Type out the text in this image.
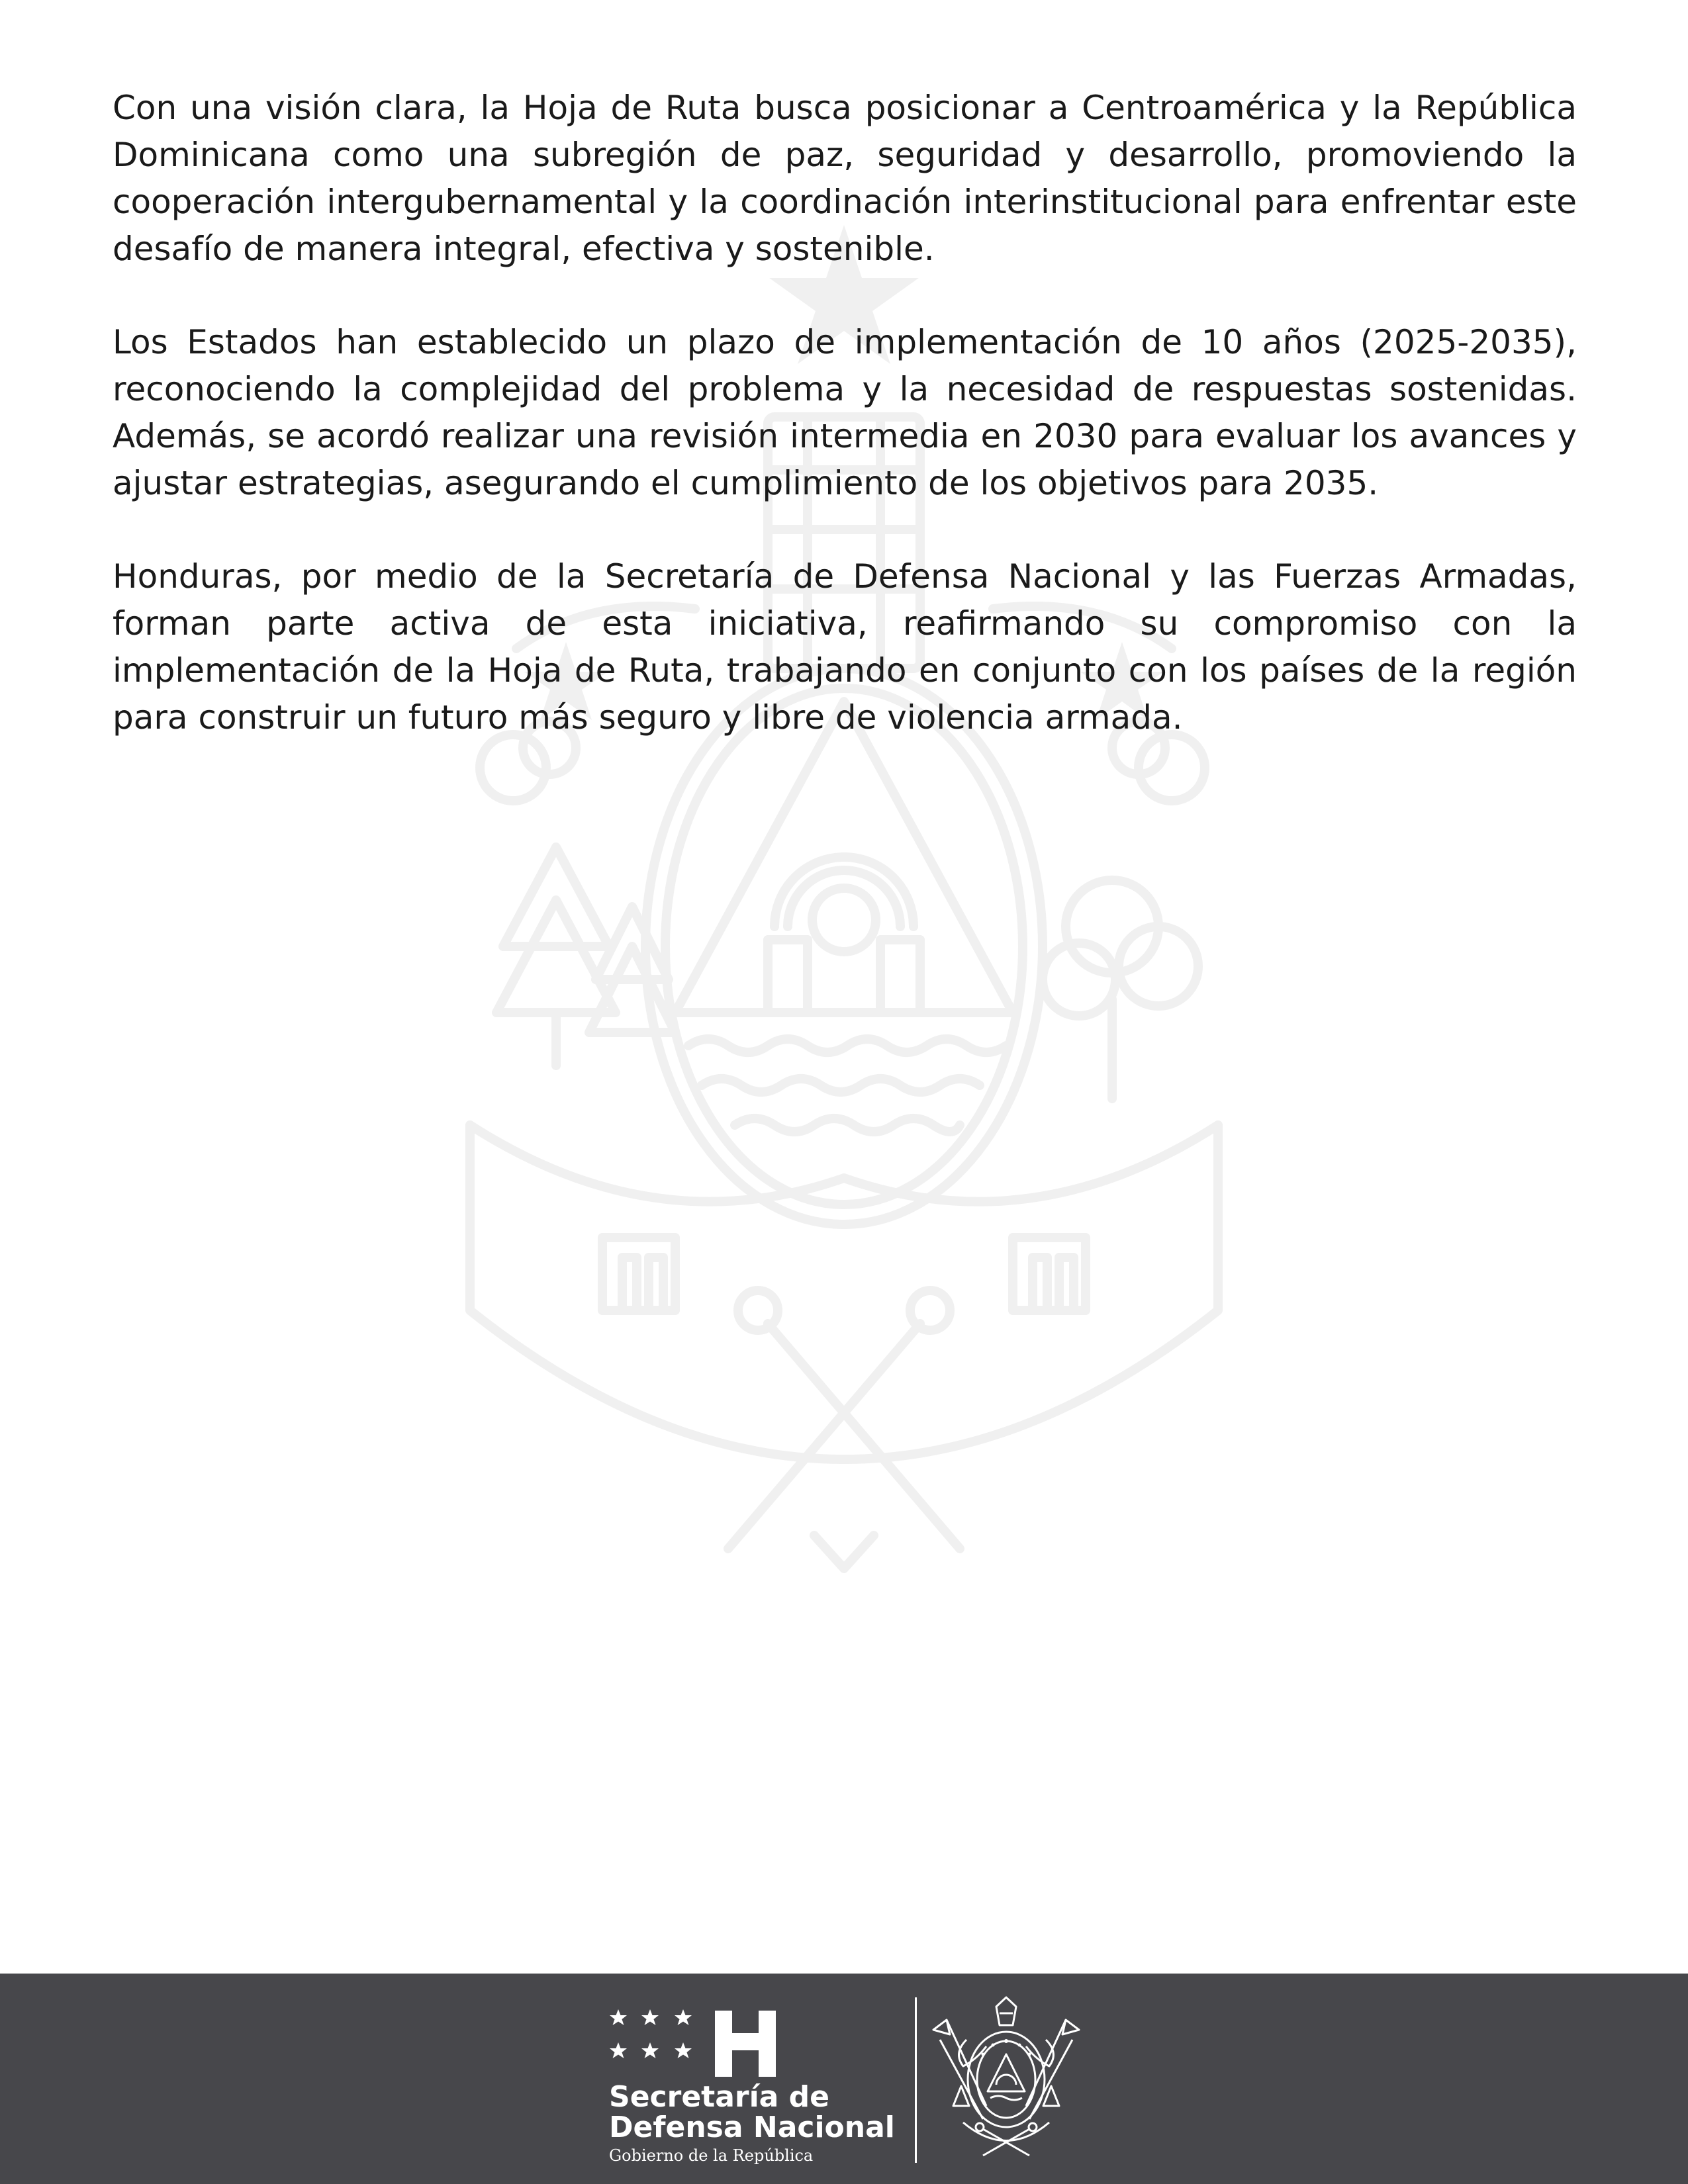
Con una visión clara, la Hoja de Ruta busca posicionar a Centroamérica y la República Dominicana como una subregión de paz, seguridad y desarrollo, promoviendo la cooperación intergubernamental y la coordinación interinstitucional para enfrentar este desafío de manera integral, efectiva y sostenible.

Los Estados han establecido un plazo de implementación de 10 años (2025-2035), reconociendo la complejidad del problema y la necesidad de respuestas sostenidas. Además, se acordó realizar una revisión intermedia en 2030 para evaluar los avances y ajustar estrategias, asegurando el cumplimiento de los objetivos para 2035.

Honduras, por medio de la Secretaría de Defensa Nacional y las Fuerzas Armadas, forman parte activa de esta iniciativa, reafirmando su compromiso con la implementación de la Hoja de Ruta, trabajando en conjunto con los países de la región para construir un futuro más seguro y libre de violencia armada.

Secretaría de
Defensa Nacional
Gobierno de la República
